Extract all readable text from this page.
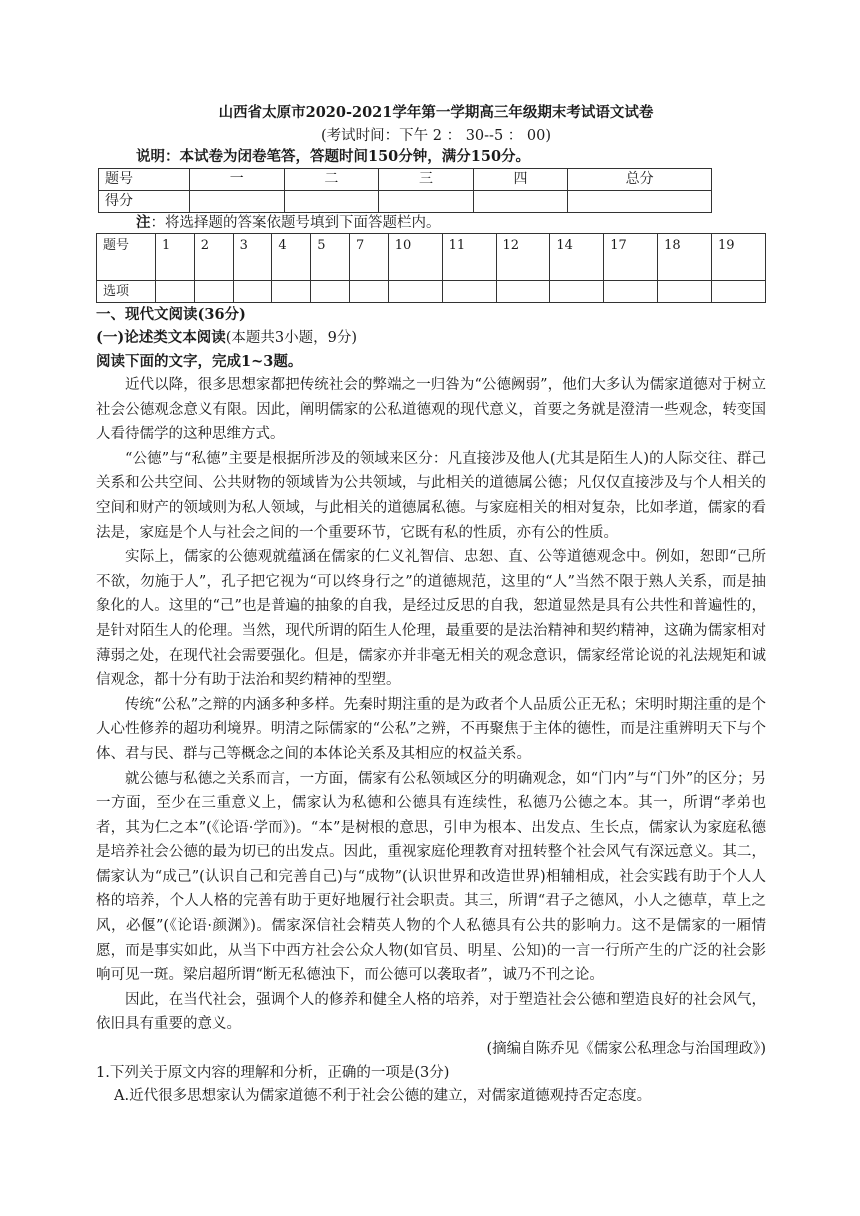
山西省太原市2020-2021学年第一学期高三年级期末考试语文试卷
(考试时间：下午 2 ： 30--5 ： 00)
说明：本试卷为闭卷笔答，答题时间150分钟，满分150分。
题号	一	二	三	四	总分
得分					
注：将选择题的答案依题号填到下面答题栏内。
题号	1	2	3	4	5	7	10	11	12	14	17	18	19
选项													
一、现代文阅读(36分)
(一)论述类文本阅读(本题共3小题，9分)
阅读下面的文字，完成1~3题。

近代以降，很多思想家都把传统社会的弊端之一归咎为“公德阙弱”，他们大多认为儒家道德对于树立社会公德观念意义有限。因此，阐明儒家的公私道德观的现代意义，首要之务就是澄清一些观念，转变国人看待儒学的这种思维方式。

“公德”与“私德”主要是根据所涉及的领域来区分：凡直接涉及他人(尤其是陌生人)的人际交往、群己关系和公共空间、公共财物的领域皆为公共领域，与此相关的道德属公德；凡仅仅直接涉及与个人相关的空间和财产的领域则为私人领域，与此相关的道德属私德。与家庭相关的相对复杂，比如孝道，儒家的看法是，家庭是个人与社会之间的一个重要环节，它既有私的性质，亦有公的性质。

实际上，儒家的公德观就蕴涵在儒家的仁义礼智信、忠恕、直、公等道德观念中。例如，恕即“己所不欲，勿施于人”，孔子把它视为“可以终身行之”的道德规范，这里的“人”当然不限于熟人关系，而是抽象化的人。这里的“己”也是普遍的抽象的自我，是经过反思的自我，恕道显然是具有公共性和普遍性的，是针对陌生人的伦理。当然，现代所谓的陌生人伦理，最重要的是法治精神和契约精神，这确为儒家相对薄弱之处，在现代社会需要强化。但是，儒家亦并非毫无相关的观念意识，儒家经常论说的礼法规矩和诚信观念，都十分有助于法治和契约精神的型塑。

传统“公私”之辩的内涵多种多样。先秦时期注重的是为政者个人品质公正无私；宋明时期注重的是个人心性修养的超功利境界。明清之际儒家的“公私”之辨，不再聚焦于主体的德性，而是注重辨明天下与个体、君与民、群与己等概念之间的本体论关系及其相应的权益关系。

就公德与私德之关系而言，一方面，儒家有公私领域区分的明确观念，如“门内”与“门外”的区分；另一方面，至少在三重意义上，儒家认为私德和公德具有连续性，私德乃公德之本。其一，所谓“孝弟也者，其为仁之本”(《论语·学而》)。“本”是树根的意思，引申为根本、出发点、生长点，儒家认为家庭私德是培养社会公德的最为切已的出发点。因此，重视家庭伦理教育对扭转整个社会风气有深远意义。其二，儒家认为“成己”(认识自己和完善自己)与“成物”(认识世界和改造世界)相辅相成，社会实践有助于个人人格的培养，个人人格的完善有助于更好地履行社会职责。其三，所谓“君子之德风，小人之德草，草上之风，必偃”(《论语·颜渊》)。儒家深信社会精英人物的个人私德具有公共的影响力。这不是儒家的一厢情愿，而是事实如此，从当下中西方社会公众人物(如官员、明星、公知)的一言一行所产生的广泛的社会影响可见一斑。梁启超所谓“断无私德浊下，而公德可以袭取者”，诚乃不刊之论。

因此，在当代社会，强调个人的修养和健全人格的培养，对于塑造社会公德和塑造良好的社会风气，依旧具有重要的意义。

(摘编自陈乔见《儒家公私理念与治国理政》)

1.下列关于原文内容的理解和分析，正确的一项是(3分)

A.近代很多思想家认为儒家道德不利于社会公德的建立，对儒家道德观持否定态度。
